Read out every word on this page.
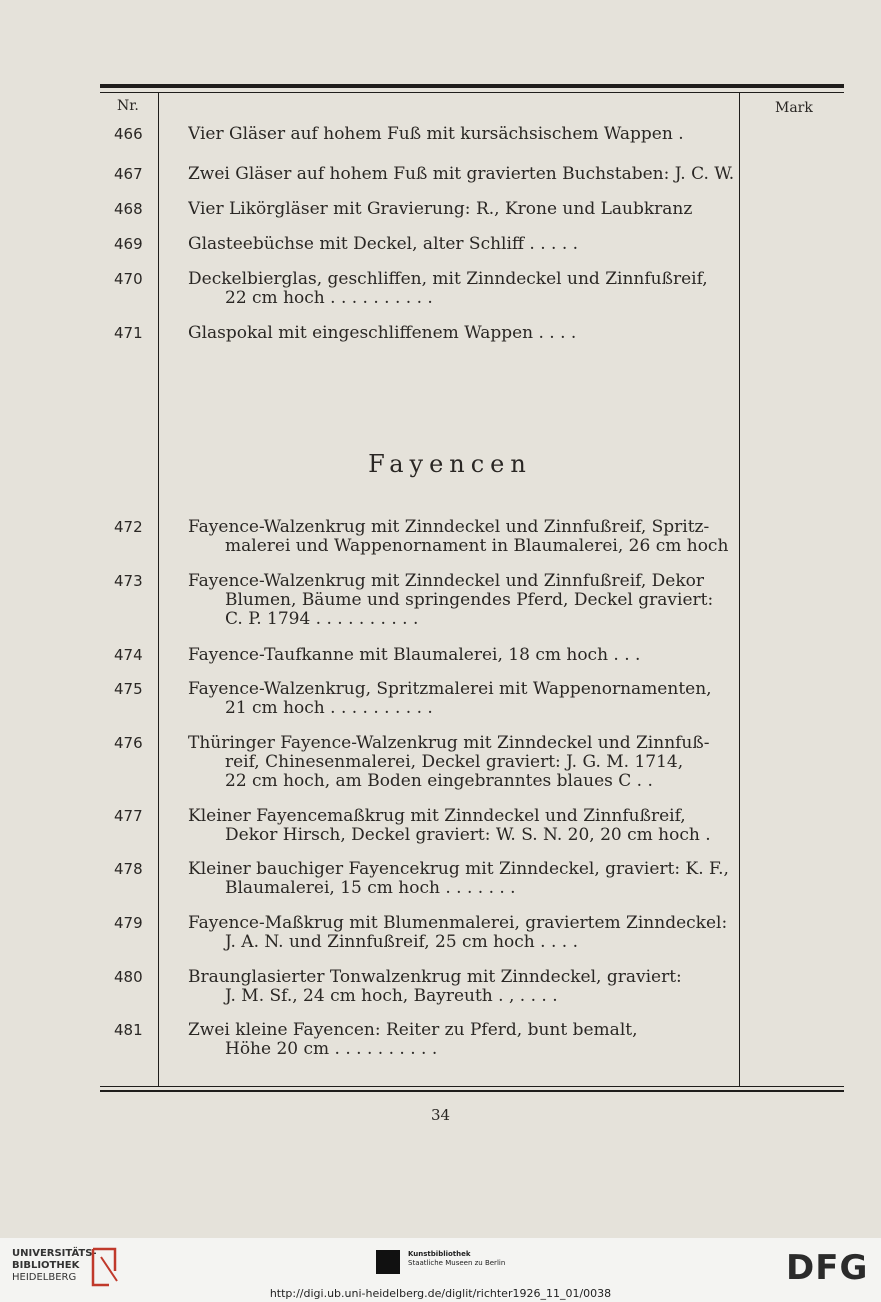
Nr.	Mark
466	Vier Gläser auf hohem Fuß mit kursächsischem Wappen .
467	Zwei Gläser auf hohem Fuß mit gravierten Buchstaben: J. C. W.
468	Vier Likörgläser mit Gravierung: R., Krone und Laubkranz
469	Glasteebüchse mit Deckel, alter Schliff . . . . .
470	Deckelbierglas, geschliffen, mit Zinndeckel und Zinnfußreif,
22 cm hoch . . . . . . . . . .
471	Glaspokal mit eingeschliffenem Wappen . . . .
Fayencen
472	Fayence-Walzenkrug mit Zinndeckel und Zinnfußreif, Spritz-
malerei und Wappenornament in Blaumalerei, 26 cm hoch
473	Fayence-Walzenkrug mit Zinndeckel und Zinnfußreif, Dekor
Blumen, Bäume und springendes Pferd, Deckel graviert:
C. P. 1794 . . . . . . . . . .
474	Fayence-Taufkanne mit Blaumalerei, 18 cm hoch . . .
475	Fayence-Walzenkrug, Spritzmalerei mit Wappenornamenten,
21 cm hoch . . . . . . . . . .
476	Thüringer Fayence-Walzenkrug mit Zinndeckel und Zinnfuß-
reif, Chinesenmalerei, Deckel graviert: J. G. M. 1714,
22 cm hoch, am Boden eingebranntes blaues C . .
477	Kleiner Fayencemaßkrug mit Zinndeckel und Zinnfußreif,
Dekor Hirsch, Deckel graviert: W. S. N. 20, 20 cm hoch .
478	Kleiner bauchiger Fayencekrug mit Zinndeckel, graviert: K. F.,
Blaumalerei, 15 cm hoch . . . . . . .
479	Fayence-Maßkrug mit Blumenmalerei, graviertem Zinndeckel:
J. A. N. und Zinnfußreif, 25 cm hoch . . . .
480	Braunglasierter Tonwalzenkrug mit Zinndeckel, graviert:
J. M. Sf., 24 cm hoch, Bayreuth . , . . . .
481	Zwei kleine Fayencen: Reiter zu Pferd, bunt bemalt,
Höhe 20 cm . . . . . . . . . .
34
UNIVERSITÄTS-
BIBLIOTHEK
HEIDELBERG
Kunstbibliothek
Staatliche Museen zu Berlin	DFG
http://digi.ub.uni-heidelberg.de/diglit/richter1926_11_01/0038
